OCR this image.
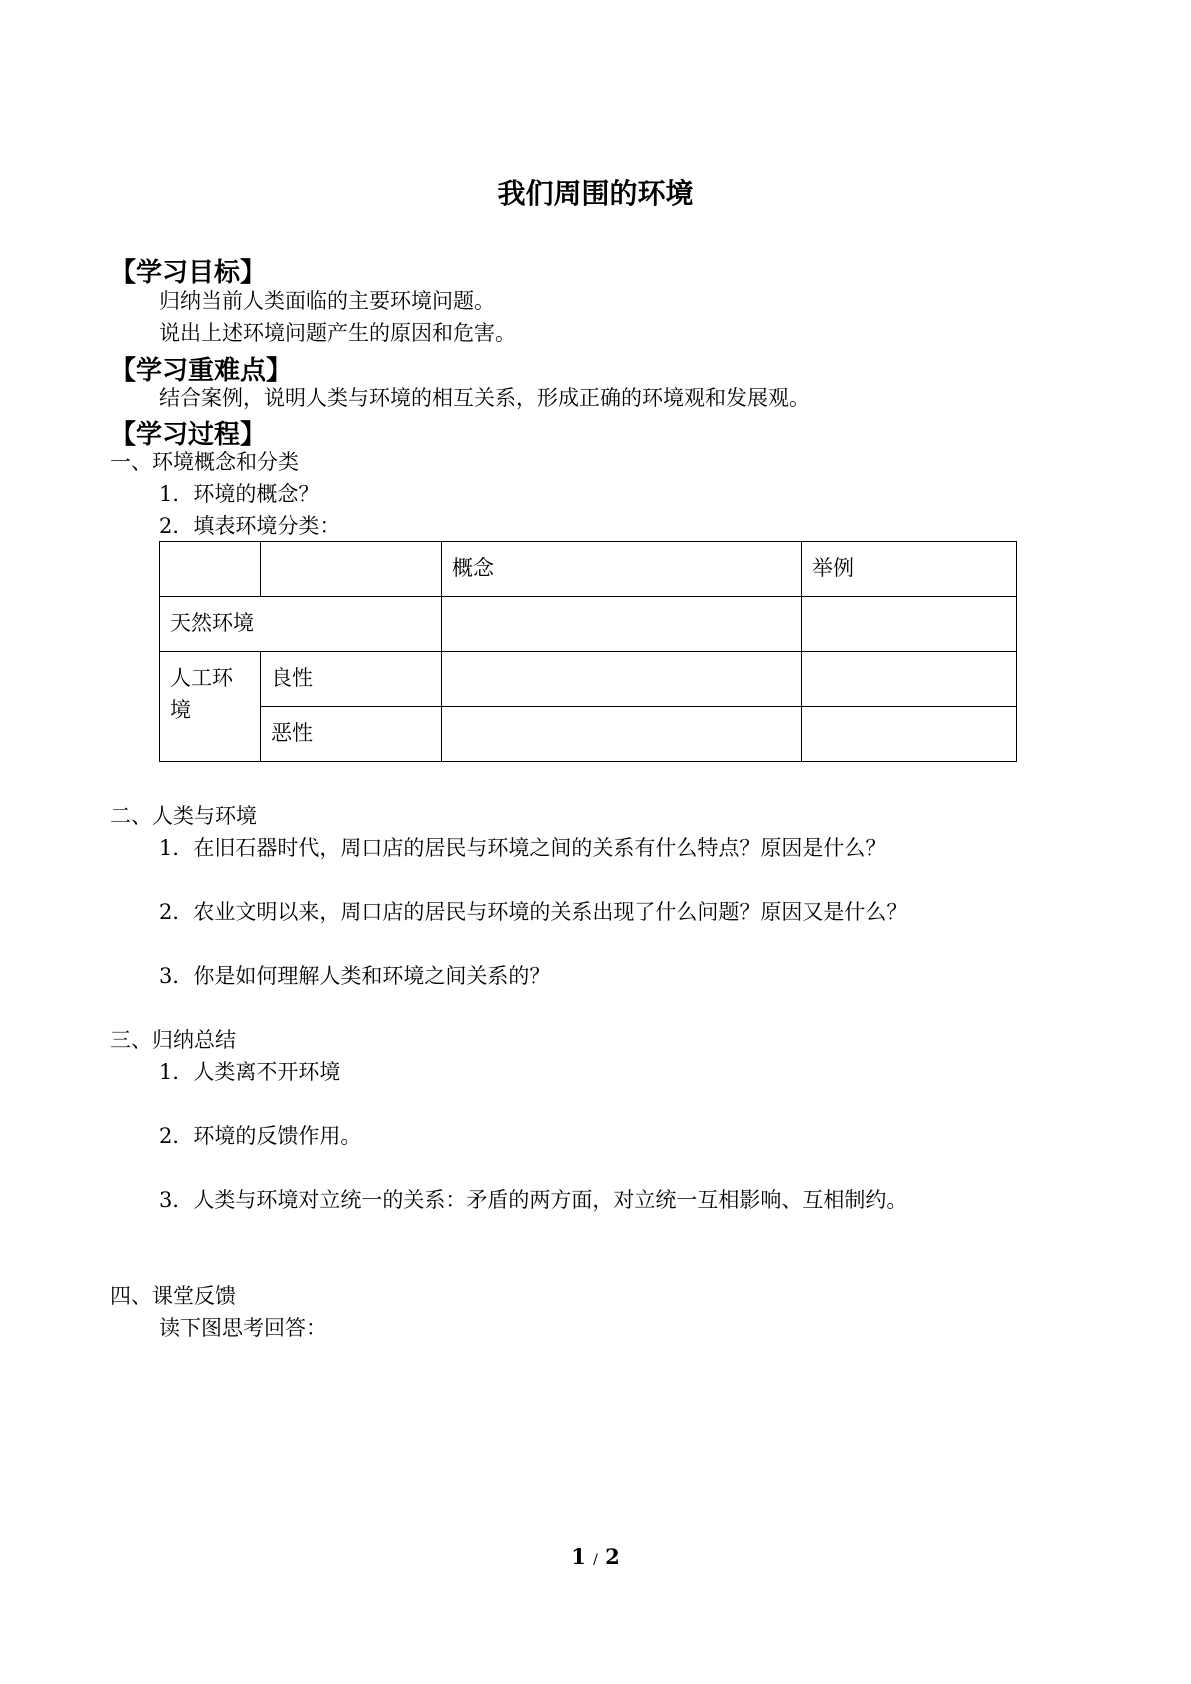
我们周围的环境
【学习目标】
归纳当前人类面临的主要环境问题。
说出上述环境问题产生的原因和危害。
【学习重难点】
结合案例，说明人类与环境的相互关系，形成正确的环境观和发展观。
【学习过程】
一、环境概念和分类
1．环境的概念？
2．填表环境分类：
		概念	举例
天然环境			
人工环境	良性		
	恶性		
二、人类与环境
1．在旧石器时代，周口店的居民与环境之间的关系有什么特点？原因是什么？
2．农业文明以来，周口店的居民与环境的关系出现了什么问题？原因又是什么？
3．你是如何理解人类和环境之间关系的？
三、归纳总结
1．人类离不开环境
2．环境的反馈作用。
3．人类与环境对立统一的关系：矛盾的两方面，对立统一互相影响、互相制约。
四、课堂反馈
读下图思考回答：
1 / 2
